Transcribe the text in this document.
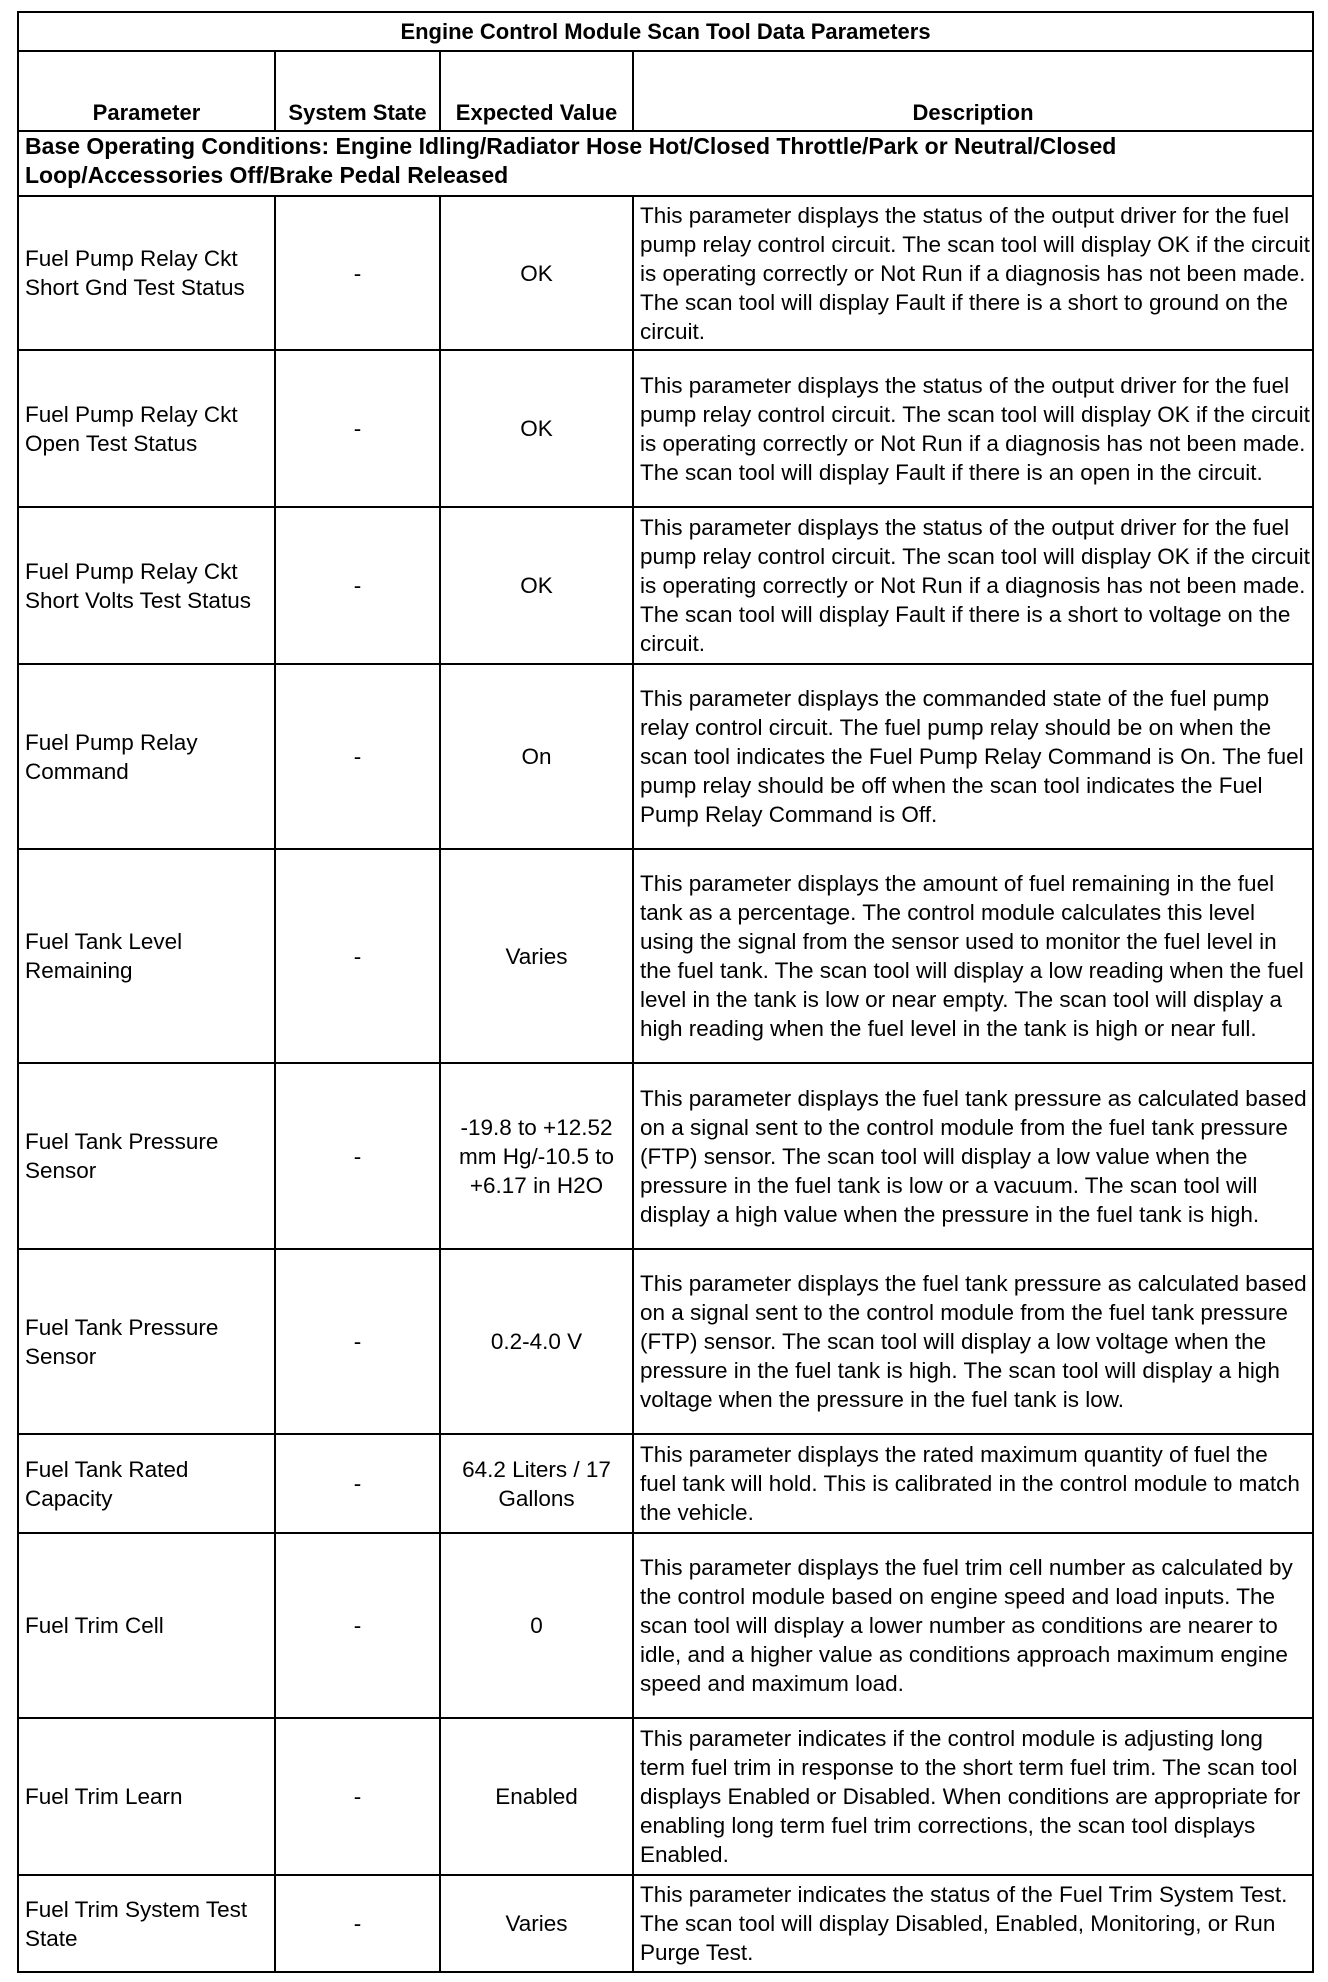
Engine Control Module Scan Tool Data Parameters			
Parameter	System State	Expected Value	Description
Base Operating Conditions: Engine Idling/Radiator Hose Hot/Closed Throttle/Park or Neutral/Closed Loop/Accessories Off/Brake Pedal Released			
Fuel Pump Relay Ckt Short Gnd Test Status	-	OK	This parameter displays the status of the output driver for the fuel pump relay control circuit. The scan tool will display OK if the circuit is operating correctly or Not Run if a diagnosis has not been made. The scan tool will display Fault if there is a short to ground on the circuit.
Fuel Pump Relay Ckt Open Test Status	-	OK	This parameter displays the status of the output driver for the fuel pump relay control circuit. The scan tool will display OK if the circuit is operating correctly or Not Run if a diagnosis has not been made. The scan tool will display Fault if there is an open in the circuit.
Fuel Pump Relay Ckt Short Volts Test Status	-	OK	This parameter displays the status of the output driver for the fuel pump relay control circuit. The scan tool will display OK if the circuit is operating correctly or Not Run if a diagnosis has not been made. The scan tool will display Fault if there is a short to voltage on the circuit.
Fuel Pump Relay Command	-	On	This parameter displays the commanded state of the fuel pump relay control circuit. The fuel pump relay should be on when the scan tool indicates the Fuel Pump Relay Command is On. The fuel pump relay should be off when the scan tool indicates the Fuel Pump Relay Command is Off.
Fuel Tank Level Remaining	-	Varies	This parameter displays the amount of fuel remaining in the fuel tank as a percentage. The control module calculates this level using the signal from the sensor used to monitor the fuel level in the fuel tank. The scan tool will display a low reading when the fuel level in the tank is low or near empty. The scan tool will display a high reading when the fuel level in the tank is high or near full.
Fuel Tank Pressure Sensor	-	-19.8 to +12.52 mm Hg/-10.5 to +6.17 in H2O	This parameter displays the fuel tank pressure as calculated based on a signal sent to the control module from the fuel tank pressure (FTP) sensor. The scan tool will display a low value when the pressure in the fuel tank is low or a vacuum. The scan tool will display a high value when the pressure in the fuel tank is high.
Fuel Tank Pressure Sensor	-	0.2-4.0 V	This parameter displays the fuel tank pressure as calculated based on a signal sent to the control module from the fuel tank pressure (FTP) sensor. The scan tool will display a low voltage when the pressure in the fuel tank is high. The scan tool will display a high voltage when the pressure in the fuel tank is low.
Fuel Tank Rated Capacity	-	64.2 Liters / 17 Gallons	This parameter displays the rated maximum quantity of fuel the fuel tank will hold. This is calibrated in the control module to match the vehicle.
Fuel Trim Cell	-	0	This parameter displays the fuel trim cell number as calculated by the control module based on engine speed and load inputs. The scan tool will display a lower number as conditions are nearer to idle, and a higher value as conditions approach maximum engine speed and maximum load.
Fuel Trim Learn	-	Enabled	This parameter indicates if the control module is adjusting long term fuel trim in response to the short term fuel trim. The scan tool displays Enabled or Disabled. When conditions are appropriate for enabling long term fuel trim corrections, the scan tool displays Enabled.
Fuel Trim System Test State	-	Varies	This parameter indicates the status of the Fuel Trim System Test. The scan tool will display Disabled, Enabled, Monitoring, or Run Purge Test.
